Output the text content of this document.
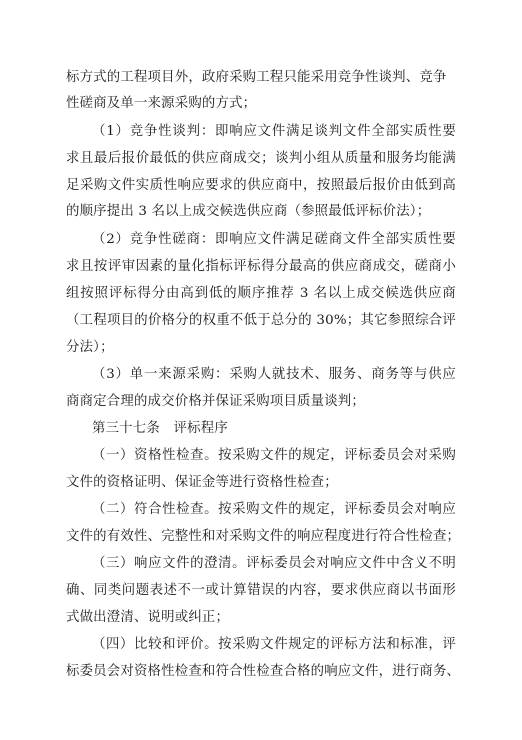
标方式的工程项目外，政府采购工程只能采用竞争性谈判、竞争
性磋商及单一来源采购的方式；
（1）竞争性谈判：即响应文件满足谈判文件全部实质性要
求且最后报价最低的供应商成交；谈判小组从质量和服务均能满
足采购文件实质性响应要求的供应商中，按照最后报价由低到高
的顺序提出 3 名以上成交候选供应商（参照最低评标价法）；
（2）竞争性磋商：即响应文件满足磋商文件全部实质性要
求且按评审因素的量化指标评标得分最高的供应商成交，磋商小
组按照评标得分由高到低的顺序推荐 3 名以上成交候选供应商
（工程项目的价格分的权重不低于总分的 30%；其它参照综合评
分法）；
（3）单一来源采购：采购人就技术、服务、商务等与供应
商商定合理的成交价格并保证采购项目质量谈判；
第三十七条　评标程序
（一）资格性检查。按采购文件的规定，评标委员会对采购
文件的资格证明、保证金等进行资格性检查；
（二）符合性检查。按采购文件的规定，评标委员会对响应
文件的有效性、完整性和对采购文件的响应程度进行符合性检查；
（三）响应文件的澄清。评标委员会对响应文件中含义不明
确、同类问题表述不一或计算错误的内容，要求供应商以书面形
式做出澄清、说明或纠正；
（四）比较和评价。按采购文件规定的评标方法和标准，评
标委员会对资格性检查和符合性检查合格的响应文件，进行商务、
